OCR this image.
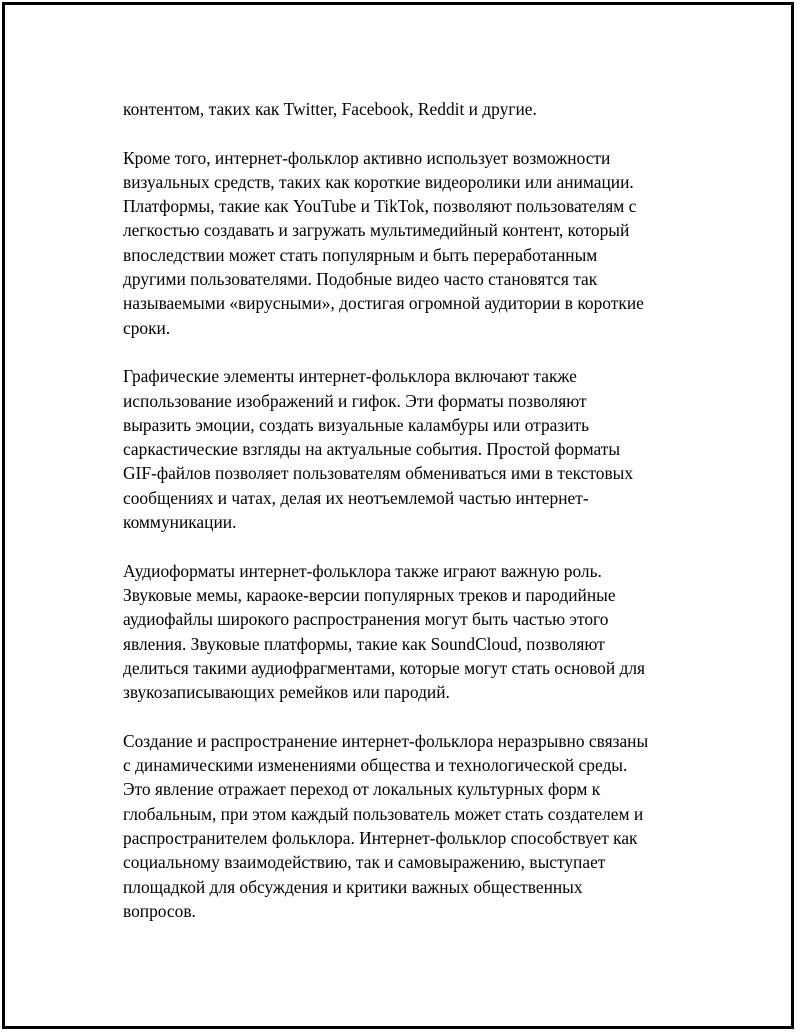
контентом, таких как Twitter, Facebook, Reddit и другие.

Кроме того, интернет-фольклор активно использует возможности
визуальных средств, таких как короткие видеоролики или анимации.
Платформы, такие как YouTube и TikTok, позволяют пользователям с
легкостью создавать и загружать мультимедийный контент, который
впоследствии может стать популярным и быть переработанным
другими пользователями. Подобные видео часто становятся так
называемыми «вирусными», достигая огромной аудитории в короткие
сроки.

Графические элементы интернет-фольклора включают также
использование изображений и гифок. Эти форматы позволяют
выразить эмоции, создать визуальные каламбуры или отразить
саркастические взгляды на актуальные события. Простой форматы
GIF-файлов позволяет пользователям обмениваться ими в текстовых
сообщениях и чатах, делая их неотъемлемой частью интернет-
коммуникации.

Аудиоформаты интернет-фольклора также играют важную роль.
Звуковые мемы, караоке-версии популярных треков и пародийные
аудиофайлы широкого распространения могут быть частью этого
явления. Звуковые платформы, такие как SoundCloud, позволяют
делиться такими аудиофрагментами, которые могут стать основой для
звукозаписывающих ремейков или пародий.

Создание и распространение интернет-фольклора неразрывно связаны
с динамическими изменениями общества и технологической среды.
Это явление отражает переход от локальных культурных форм к
глобальным, при этом каждый пользователь может стать создателем и
распространителем фольклора. Интернет-фольклор способствует как
социальному взаимодействию, так и самовыражению, выступает
площадкой для обсуждения и критики важных общественных
вопросов.
